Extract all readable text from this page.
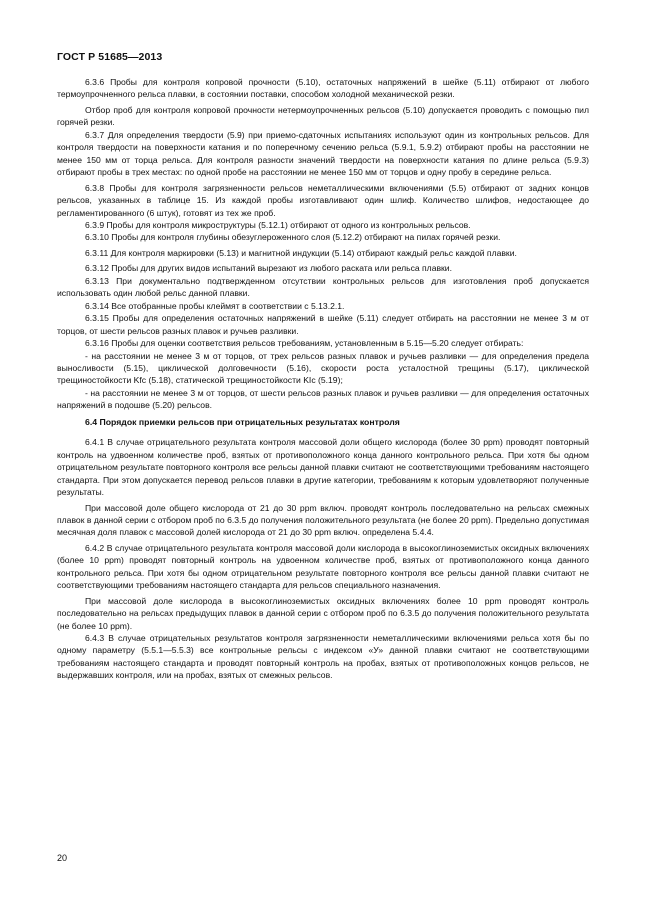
ГОСТ Р 51685—2013

6.3.6 Пробы для контроля копровой прочности (5.10), остаточных напряжений в шейке (5.11) отбирают от любого термоупрочненного рельса плавки, в состоянии поставки, способом холодной механической резки.

Отбор проб для контроля копровой прочности нетермоупрочненных рельсов (5.10) допускается проводить с помощью пил горячей резки.

6.3.7 Для определения твердости (5.9) при приемо-сдаточных испытаниях используют один из контрольных рельсов. Для контроля твердости на поверхности катания и по поперечному сечению рельса (5.9.1, 5.9.2) отбирают пробы на расстоянии не менее 150 мм от торца рельса. Для контроля разности значений твердости на поверхности катания по длине рельса (5.9.3) отбирают пробы в трех местах: по одной пробе на расстоянии не менее 150 мм от торцов и одну пробу в середине рельса.

6.3.8 Пробы для контроля загрязненности рельсов неметаллическими включениями (5.5) отбирают от задних концов рельсов, указанных в таблице 15. Из каждой пробы изготавливают один шлиф. Количество шлифов, недостающее до регламентированного (6 штук), готовят из тех же проб.

6.3.9 Пробы для контроля микроструктуры (5.12.1) отбирают от одного из контрольных рельсов.

6.3.10 Пробы для контроля глубины обезуглероженного слоя (5.12.2) отбирают на пилах горячей резки.

6.3.11 Для контроля маркировки (5.13) и магнитной индукции (5.14) отбирают каждый рельс каждой плавки.

6.3.12 Пробы для других видов испытаний вырезают из любого раската или рельса плавки.

6.3.13 При документально подтвержденном отсутствии контрольных рельсов для изготовления проб допускается использовать один любой рельс данной плавки.

6.3.14 Все отобранные пробы клеймят в соответствии с 5.13.2.1.

6.3.15 Пробы для определения остаточных напряжений в шейке (5.11) следует отбирать на расстоянии не менее 3 м от торцов, от шести рельсов разных плавок и ручьев разливки.

6.3.16 Пробы для оценки соответствия рельсов требованиям, установленным в 5.15—5.20 следует отбирать:

- на расстоянии не менее 3 м от торцов, от трех рельсов разных плавок и ручьев разливки — для определения предела выносливости (5.15), циклической долговечности (5.16), скорости роста усталостной трещины (5.17), циклической трещиностойкости Kfc (5.18), статической трещиностойкости KIc (5.19);

- на расстоянии не менее 3 м от торцов, от шести рельсов разных плавок и ручьев разливки — для определения остаточных напряжений в подошве (5.20) рельсов.

6.4 Порядок приемки рельсов при отрицательных результатах контроля

6.4.1 В случае отрицательного результата контроля массовой доли общего кислорода (более 30 ppm) проводят повторный контроль на удвоенном количестве проб, взятых от противоположного конца данного контрольного рельса. При хотя бы одном отрицательном результате повторного контроля все рельсы данной плавки считают не соответствующими требованиям настоящего стандарта. При этом допускается перевод рельсов плавки в другие категории, требованиям к которым удовлетворяют полученные результаты.

При массовой доле общего кислорода от 21 до 30 ppm включ. проводят контроль последовательно на рельсах смежных плавок в данной серии с отбором проб по 6.3.5 до получения положительного результата (не более 20 ppm). Предельно допустимая месячная доля плавок с массовой долей кислорода от 21 до 30 ppm включ. определена 5.4.4.

6.4.2 В случае отрицательного результата контроля массовой доли кислорода в высокоглиноземистых оксидных включениях (более 10 ppm) проводят повторный контроль на удвоенном количестве проб, взятых от противоположного конца данного контрольного рельса. При хотя бы одном отрицательном результате повторного контроля все рельсы данной плавки считают не соответствующими требованиям настоящего стандарта для рельсов специального назначения.

При массовой доле кислорода в высокоглиноземистых оксидных включениях более 10 ppm проводят контроль последовательно на рельсах предыдущих плавок в данной серии с отбором проб по 6.3.5 до получения положительного результата (не более 10 ppm).

6.4.3 В случае отрицательных результатов контроля загрязненности неметаллическими включениями рельса хотя бы по одному параметру (5.5.1—5.5.3) все контрольные рельсы с индексом «У» данной плавки считают не соответствующими требованиям настоящего стандарта и проводят повторный контроль на пробах, взятых от противоположных концов рельсов, не выдержавших контроля, или на пробах, взятых от смежных рельсов.

20
